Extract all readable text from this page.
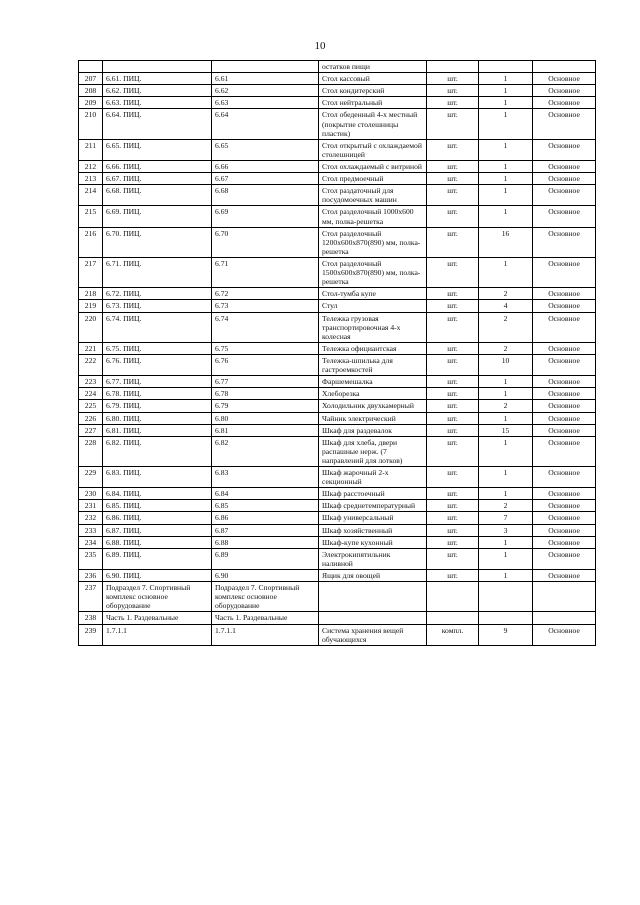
10
			остатков пищи			
207	6.61. ПИЦ.	6.61	Стол кассовый	шт.	1	Основное
208	6.62. ПИЦ.	6.62	Стол кондитерский	шт.	1	Основное
209	6.63. ПИЦ.	6.63	Стол нейтральный	шт.	1	Основное
210	6.64. ПИЦ.	6.64	Стол обеденный 4-х местный (покрытие столешницы пластик)	шт.	1	Основное
211	6.65. ПИЦ.	6.65	Стол открытый с охлаждаемой столешницей	шт.	1	Основное
212	6.66. ПИЦ.	6.66	Стол охлаждаемый с витриной	шт.	1	Основное
213	6.67. ПИЦ.	6.67	Стол предмоечный	шт.	1	Основное
214	6.68. ПИЦ.	6.68	Стол раздаточный для посудомоечных машин	шт.	1	Основное
215	6.69. ПИЦ.	6.69	Стол разделочный 1000x600 мм, полка-решетка	шт.	1	Основное
216	6.70. ПИЦ.	6.70	Стол разделочный 1200x600x870(890) мм, полка-решетка	шт.	16	Основное
217	6.71. ПИЦ.	6.71	Стол разделочный 1500x600x870(890) мм, полка-решетка	шт.	1	Основное
218	6.72. ПИЦ.	6.72	Стол-тумба купе	шт.	2	Основное
219	6.73. ПИЦ.	6.73	Стул	шт.	4	Основное
220	6.74. ПИЦ.	6.74	Тележка грузовая транспортировочная 4-х колесная	шт.	2	Основное
221	6.75. ПИЦ.	6.75	Тележка официантская	шт.	2	Основное
222	6.76. ПИЦ.	6.76	Тележка-шпилька для гастроемкостей	шт.	10	Основное
223	6.77. ПИЦ.	6.77	Фаршемешалка	шт.	1	Основное
224	6.78. ПИЦ.	6.78	Хлеборезка	шт.	1	Основное
225	6.79. ПИЦ.	6.79	Холодильник двухкамерный	шт.	2	Основное
226	6.80. ПИЦ.	6.80	Чайник электрический	шт.	1	Основное
227	6.81. ПИЦ.	6.81	Шкаф для раздевалок	шт.	15	Основное
228	6.82. ПИЦ.	6.82	Шкаф для хлеба, двери распашные нерж. (7 направлений для лотков)	шт.	1	Основное
229	6.83. ПИЦ.	6.83	Шкаф жарочный 2-х секционный	шт.	1	Основное
230	6.84. ПИЦ.	6.84	Шкаф расстоечный	шт.	1	Основное
231	6.85. ПИЦ.	6.85	Шкаф среднетемпературный	шт.	2	Основное
232	6.86. ПИЦ.	6.86	Шкаф универсальный	шт.	7	Основное
233	6.87. ПИЦ.	6.87	Шкаф хозяйственный	шт.	3	Основное
234	6.88. ПИЦ.	6.88	Шкаф-купе кухонный	шт.	1	Основное
235	6.89. ПИЦ.	6.89	Электрокипятильник наливной	шт.	1	Основное
236	6.90. ПИЦ.	6.90	Ящик для овощей	шт.	1	Основное
237	Подраздел 7. Спортивный комплекс основное оборудование	Подраздел 7. Спортивный комплекс основное оборудование				
238	Часть 1. Раздевальные	Часть 1. Раздевальные				
239	1.7.1.1	1.7.1.1	Система хранения вещей обучающихся	компл.	9	Основное
